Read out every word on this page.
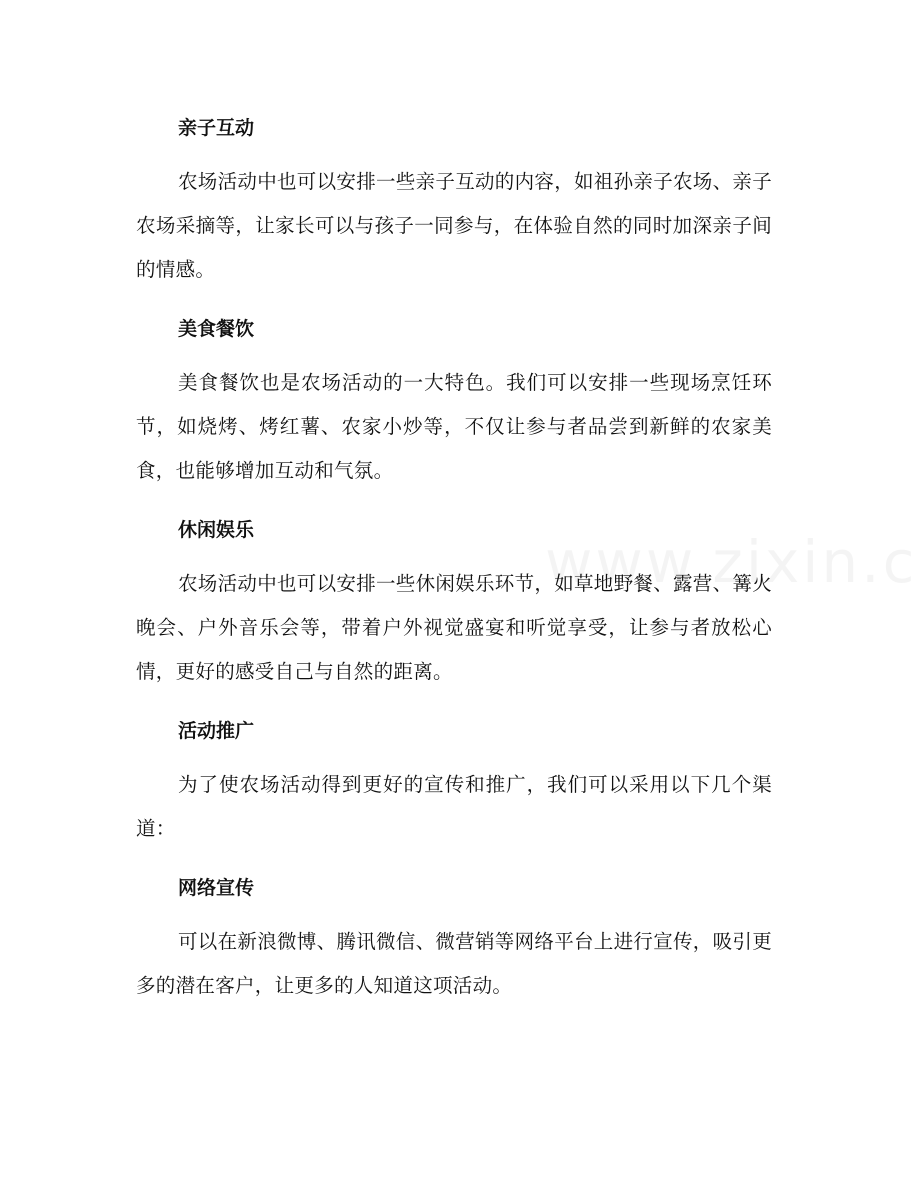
亲子互动
农场活动中也可以安排一些亲子互动的内容，如祖孙亲子农场、亲子农场采摘等，让家长可以与孩子一同参与，在体验自然的同时加深亲子间的情感。
美食餐饮
美食餐饮也是农场活动的一大特色。我们可以安排一些现场烹饪环节，如烧烤、烤红薯、农家小炒等，不仅让参与者品尝到新鲜的农家美食，也能够增加互动和气氛。
休闲娱乐
农场活动中也可以安排一些休闲娱乐环节，如草地野餐、露营、篝火晚会、户外音乐会等，带着户外视觉盛宴和听觉享受，让参与者放松心情，更好的感受自己与自然的距离。
活动推广
为了使农场活动得到更好的宣传和推广，我们可以采用以下几个渠道：
网络宣传
可以在新浪微博、腾讯微信、微营销等网络平台上进行宣传，吸引更多的潜在客户，让更多的人知道这项活动。
